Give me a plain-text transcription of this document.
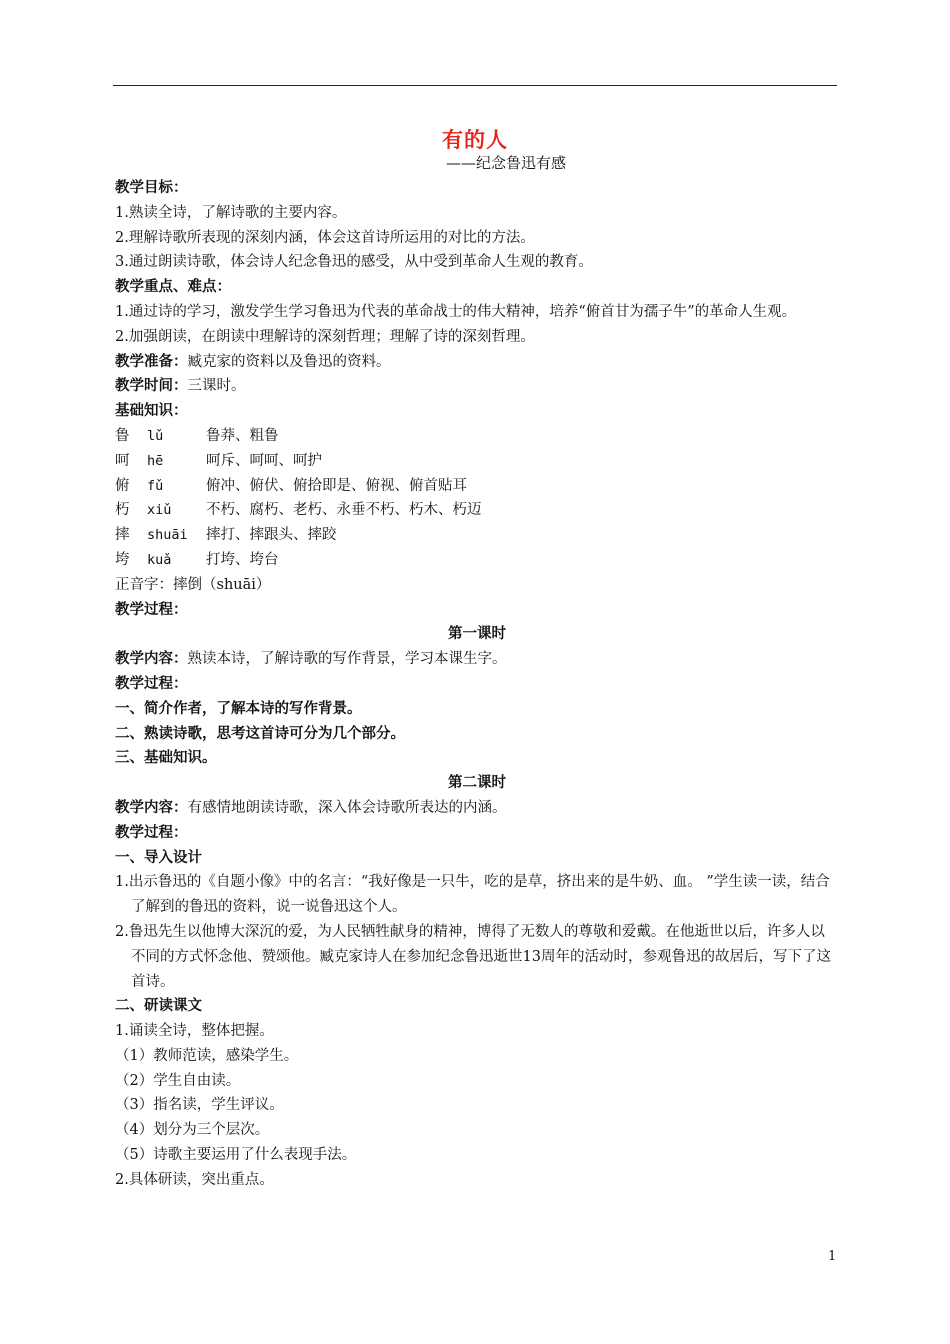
有的人
——纪念鲁迅有感
教学目标：
1.熟读全诗，了解诗歌的主要内容。
2.理解诗歌所表现的深刻内涵，体会这首诗所运用的对比的方法。
3.通过朗读诗歌，体会诗人纪念鲁迅的感受，从中受到革命人生观的教育。
教学重点、难点：
1.通过诗的学习，激发学生学习鲁迅为代表的革命战士的伟大精神，培养“俯首甘为孺子牛”的革命人生观。
2.加强朗读，在朗读中理解诗的深刻哲理；理解了诗的深刻哲理。
教学准备：臧克家的资料以及鲁迅的资料。
教学时间：三课时。
基础知识：
鲁	lǔ	鲁莽、粗鲁
呵	hē	呵斥、呵呵、呵护
俯	fǔ	俯冲、俯伏、俯拾即是、俯视、俯首贴耳
朽	xiǔ	不朽、腐朽、老朽、永垂不朽、朽木、朽迈
摔	shuāi	摔打、摔跟头、摔跤
垮	kuǎ	打垮、垮台
正音字：摔倒（shuāi）
教学过程：
第一课时
教学内容：熟读本诗，了解诗歌的写作背景，学习本课生字。
教学过程：
一、简介作者，了解本诗的写作背景。
二、熟读诗歌，思考这首诗可分为几个部分。
三、基础知识。
第二课时
教学内容：有感情地朗读诗歌，深入体会诗歌所表达的内涵。
教学过程：
一、导入设计
1.出示鲁迅的《自题小像》中的名言：“我好像是一只牛，吃的是草，挤出来的是牛奶、血。 ”学生读一读，结合了解到的鲁迅的资料，说一说鲁迅这个人。
2.鲁迅先生以他博大深沉的爱，为人民牺牲献身的精神，博得了无数人的尊敬和爱戴。在他逝世以后，许多人以不同的方式怀念他、赞颂他。臧克家诗人在参加纪念鲁迅逝世13周年的活动时，参观鲁迅的故居后，写下了这首诗。
二、研读课文
1.诵读全诗，整体把握。
（1）教师范读，感染学生。
（2）学生自由读。
（3）指名读，学生评议。
（4）划分为三个层次。
（5）诗歌主要运用了什么表现手法。
2.具体研读，突出重点。
1
